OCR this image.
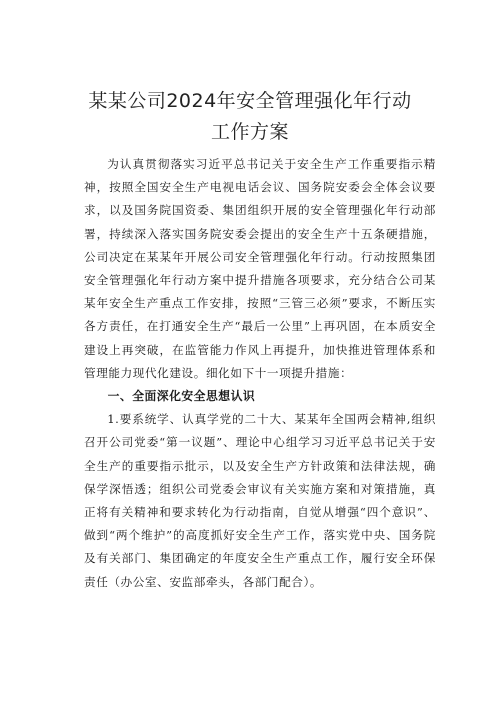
某某公司2024年安全管理强化年行动
工作方案

为认真贯彻落实习近平总书记关于安全生产工作重要指示精神，按照全国安全生产电视电话会议、国务院安委会全体会议要求，以及国务院国资委、集团组织开展的安全管理强化年行动部署，持续深入落实国务院安委会提出的安全生产十五条硬措施，公司决定在某某年开展公司安全管理强化年行动。行动按照集团安全管理强化年行动方案中提升措施各项要求，充分结合公司某某年安全生产重点工作安排，按照“三管三必须”要求，不断压实各方责任，在打通安全生产“最后一公里”上再巩固，在本质安全建设上再突破，在监管能力作风上再提升，加快推进管理体系和管理能力现代化建设。细化如下十一项提升措施：

一、全面深化安全思想认识

1.要系统学、认真学党的二十大、某某年全国两会精神,组织召开公司党委“第一议题”、理论中心组学习习近平总书记关于安全生产的重要指示批示，以及安全生产方针政策和法律法规，确保学深悟透；组织公司党委会审议有关实施方案和对策措施，真正将有关精神和要求转化为行动指南，自觉从增强“四个意识”、做到“两个维护”的高度抓好安全生产工作，落实党中央、国务院及有关部门、集团确定的年度安全生产重点工作，履行安全环保责任（办公室、安监部牵头，各部门配合）。
